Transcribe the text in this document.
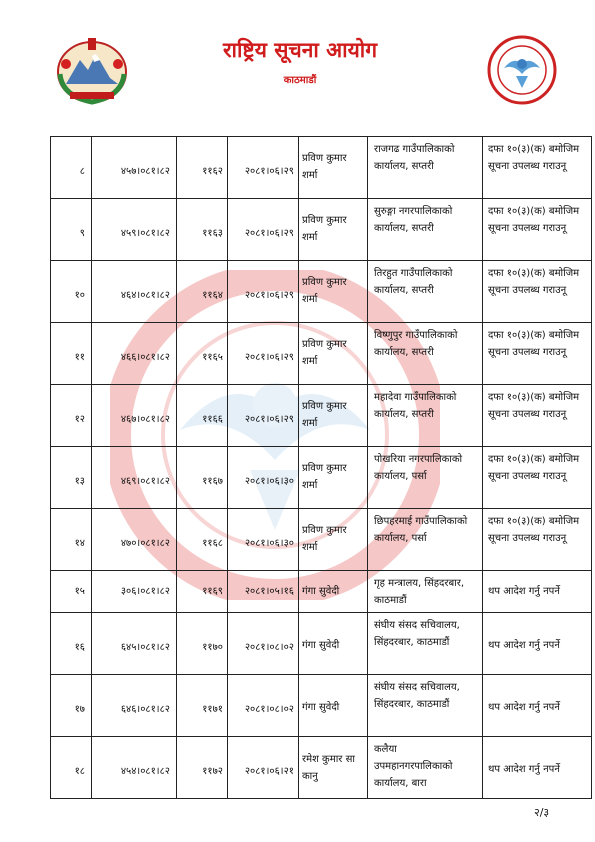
राष्ट्रिय सूचना आयोग
काठमाडौं
८	४५७।०८१।८२	११६२	२०८१।०६।२९	प्रविण कुमार शर्मा	राजगढ गाउँपालिकाको कार्यालय, सप्तरी	दफा १०(३)(क) बमोजिम सूचना उपलब्ध गराउनू
९	४५९।०८१।८२	११६३	२०८१।०६।२९	प्रविण कुमार शर्मा	सुरुङ्गा नगरपालिकाको कार्यालय, सप्तरी	दफा १०(३)(क) बमोजिम सूचना उपलब्ध गराउनू
१०	४६४।०८१।८२	११६४	२०८१।०६।२९	प्रविण कुमार शर्मा	तिरहुत गाउँपालिकाको कार्यालय, सप्तरी	दफा १०(३)(क) बमोजिम सूचना उपलब्ध गराउनू
११	४६६।०८१।८२	११६५	२०८१।०६।२९	प्रविण कुमार शर्मा	विष्णुपुर गाउँपालिकाको कार्यालय, सप्तरी	दफा १०(३)(क) बमोजिम सूचना उपलब्ध गराउनू
१२	४६७।०८१।८२	११६६	२०८१।०६।२९	प्रविण कुमार शर्मा	महादेवा गाउँपालिकाको कार्यालय, सप्तरी	दफा १०(३)(क) बमोजिम सूचना उपलब्ध गराउनू
१३	४६९।०८१।८२	११६७	२०८१।०६।३०	प्रविण कुमार शर्मा	पोखरिया नगरपालिकाको कार्यालय, पर्सा	दफा १०(३)(क) बमोजिम सूचना उपलब्ध गराउनू
१४	४७०।०८१।८२	११६८	२०८१।०६।३०	प्रविण कुमार शर्मा	छिपहरमाई गाउँपालिकाको कार्यालय, पर्सा	दफा १०(३)(क) बमोजिम सूचना उपलब्ध गराउनू
१५	३०६।०८१।८२	११६९	२०८१।०५।१६	गंगा सुवेदी	गृह मन्त्रालय, सिंहदरबार, काठमाडौं	थप आदेश गर्नु नपर्ने
१६	६४५।०८१।८२	११७०	२०८१।०८।०२	गंगा सुवेदी	संघीय संसद सचिवालय, सिंहदरबार, काठमाडौं	थप आदेश गर्नु नपर्ने
१७	६४६।०८१।८२	११७१	२०८१।०८।०२	गंगा सुवेदी	संघीय संसद सचिवालय, सिंहदरबार, काठमाडौं	थप आदेश गर्नु नपर्ने
१८	४५४।०८१।८२	११७२	२०८१।०६।२१	रमेश कुमार सा कानु	कलैया उपमहानगरपालिकाको कार्यालय, बारा	थप आदेश गर्नु नपर्ने
२/३
